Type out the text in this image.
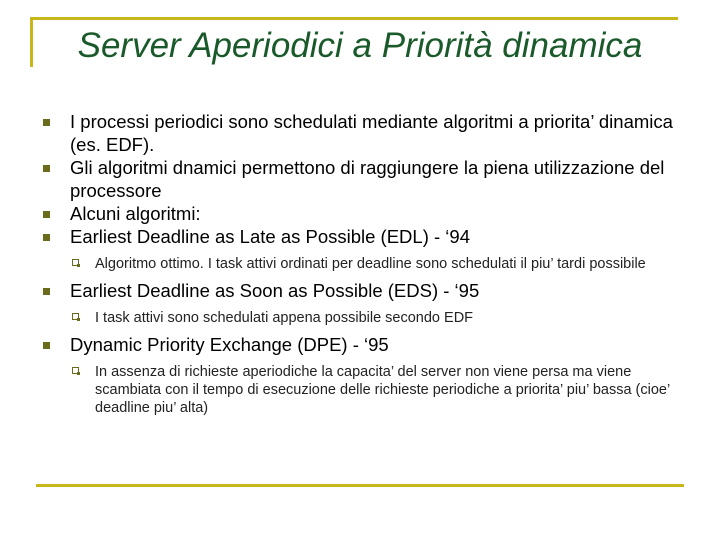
Server Aperiodici a Priorità dinamica
I processi periodici sono schedulati mediante algoritmi a priorita’ dinamica (es. EDF).
Gli algoritmi dnamici permettono di raggiungere la piena utilizzazione del processore
Alcuni algoritmi:
Earliest Deadline as Late as Possible (EDL) - ‘94
Algoritmo ottimo. I task attivi ordinati per deadline sono schedulati il piu’ tardi possibile
Earliest Deadline as Soon as Possible (EDS) - ‘95
I task attivi sono schedulati appena possibile secondo EDF
Dynamic Priority Exchange (DPE) - ‘95
In assenza di richieste aperiodiche la capacita’ del server non viene persa ma viene scambiata con il tempo di esecuzione delle richieste periodiche a priorita’ piu’ bassa (cioe’ deadline piu’ alta)
